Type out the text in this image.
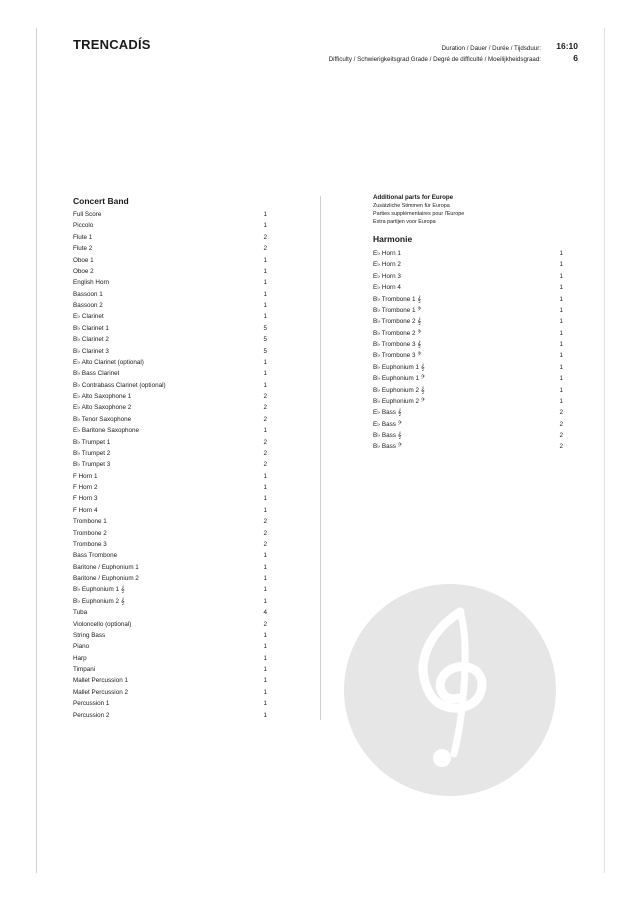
TRENCADÍS	Duration / Dauer / Durée / Tijdsduur:
Difficulty / Schwierigkeitsgrad Grade / Degré de difficulté / Moeilijkheidsgraad:
16:10
6
Concert Band
Full Score	1
Piccolo	1
Flute 1	2
Flute 2	2
Oboe 1	1
Oboe 2	1
English Horn	1
Bassoon 1	1
Bassoon 2	1
E♭ Clarinet	1
B♭ Clarinet 1	5
B♭ Clarinet 2	5
B♭ Clarinet 3	5
E♭ Alto Clarinet (optional)	1
B♭ Bass Clarinet	1
B♭ Contrabass Clarinet (optional)	1
E♭ Alto Saxophone 1	2
E♭ Alto Saxophone 2	2
B♭ Tenor Saxophone	2
E♭ Baritone Saxophone	1
B♭ Trumpet 1	2
B♭ Trumpet 2	2
B♭ Trumpet 3	2
F Horn 1	1
F Horn 2	1
F Horn 3	1
F Horn 4	1
Trombone 1	2
Trombone 2	2
Trombone 3	2
Bass Trombone	1
Baritone / Euphonium 1	1
Baritone / Euphonium 2	1
B♭ Euphonium 1 𝄞	1
B♭ Euphonium 2 𝄞	1
Tuba	4
Violoncello (optional)	2
String Bass	1
Piano	1
Harp	1
Timpani	1
Mallet Percussion 1	1
Mallet Percussion 2	1
Percussion 1	1
Percussion 2	1
Additional parts for Europe
Zusätzliche Stimmen für Europa
Parties supplémentaires pour l'Europe
Extra partijen voor Europa
Harmonie
E♭ Horn 1	1
E♭ Horn 2	1
E♭ Horn 3	1
E♭ Horn 4	1
B♭ Trombone 1 𝄞	1
B♭ Trombone 1 𝄢	1
B♭ Trombone 2 𝄞	1
B♭ Trombone 2 𝄢	1
B♭ Trombone 3 𝄞	1
B♭ Trombone 3 𝄢	1
B♭ Euphonium 1 𝄞	1
B♭ Euphonium 1 𝄢	1
B♭ Euphonium 2 𝄞	1
B♭ Euphonium 2 𝄢	1
E♭ Bass 𝄞	2
E♭ Bass 𝄢	2
B♭ Bass 𝄞	2
B♭ Bass 𝄢	2
